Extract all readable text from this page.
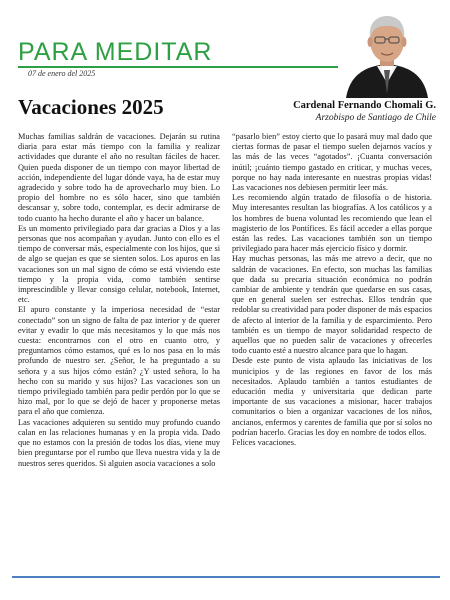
PARA MEDITAR
07 de enero del 2025
Vacaciones 2025	Cardenal Fernando Chomali G.
Arzobispo de Santiago de Chile

Muchas familias saldrán de vacaciones. Dejarán su rutina diaria para estar más tiempo con la familia y realizar actividades que durante el año no resultan fáciles de hacer. Quien pueda disponer de un tiempo con mayor libertad de acción, independiente del lugar dónde vaya, ha de estar muy agradecido y sobre todo ha de aprovecharlo muy bien. Lo propio del hombre no es sólo hacer, sino que también descansar y, sobre todo, contemplar, es decir admirarse de todo cuanto ha hecho durante el año y hacer un balance.

Es un momento privilegiado para dar gracias a Dios y a las personas que nos acompañan y ayudan. Junto con ello es el tiempo de conversar más, especialmente con los hijos, que si de algo se quejan es que se sienten solos. Los apuros en las vacaciones son un mal signo de cómo se está viviendo este tiempo y la propia vida, como también sentirse imprescindible y llevar consigo celular, notebook, Internet, etc.

El apuro constante y la imperiosa necesidad de “estar conectado” son un signo de falta de paz interior y de querer evitar y evadir lo que más necesitamos y lo que más nos cuesta: encontrarnos con el otro en cuanto otro, y preguntarnos cómo estamos, qué es lo nos pasa en lo más profundo de nuestro ser. ¿Señor, le ha preguntado a su señora y a sus hijos cómo están? ¿Y usted señora, lo ha hecho con su marido y sus hijos? Las vacaciones son un tiempo privilegiado también para pedir perdón por lo que se hizo mal, por lo que se dejó de hacer y proponerse metas para el año que comienza.

Las vacaciones adquieren su sentido muy profundo cuando calan en las relaciones humanas y en la propia vida. Dado que no estamos con la presión de todos los días, viene muy bien preguntarse por el rumbo que lleva nuestra vida y la de nuestros seres queridos. Si alguien asocia vacaciones a solo

“pasarlo bien” estoy cierto que lo pasará muy mal dado que ciertas formas de pasar el tiempo suelen dejarnos vacíos y las más de las veces “agotados”. ¡Cuanta conversación inútil; ¡cuánto tiempo gastado en criticar, y muchas veces, porque no hay nada interesante en nuestras propias vidas! Las vacaciones nos debiesen permitir leer más.

Les recomiendo algún tratado de filosofía o de historia. Muy interesantes resultan las biografías. A los católicos y a los hombres de buena voluntad les recomiendo que lean el magisterio de los Pontífices. Es fácil acceder a ellas porque están las redes. Las vacaciones también son un tiempo privilegiado para hacer más ejercicio físico y dormir.

Hay muchas personas, las más me atrevo a decir, que no saldrán de vacaciones. En efecto, son muchas las familias que dada su precaria situación económica no podrán cambiar de ambiente y tendrán que quedarse en sus casas, que en general suelen ser estrechas. Ellos tendrán que redoblar su creatividad para poder disponer de más espacios de afecto al interior de la familia y de esparcimiento. Pero también es un tiempo de mayor solidaridad respecto de aquellos que no pueden salir de vacaciones y ofrecerles todo cuanto esté a nuestro alcance para que lo hagan.

Desde este punto de vista aplaudo las iniciativas de los municipios y de las regiones en favor de los más necesitados. Aplaudo también a tantos estudiantes de educación media y universitaria que dedican parte importante de sus vacaciones a misionar, hacer trabajos comunitarios o bien a organizar vacaciones de los niños, ancianos, enfermos y carentes de familia que por sí solos no podrían hacerlo. Gracias les doy en nombre de todos ellos.

Felices vacaciones.
